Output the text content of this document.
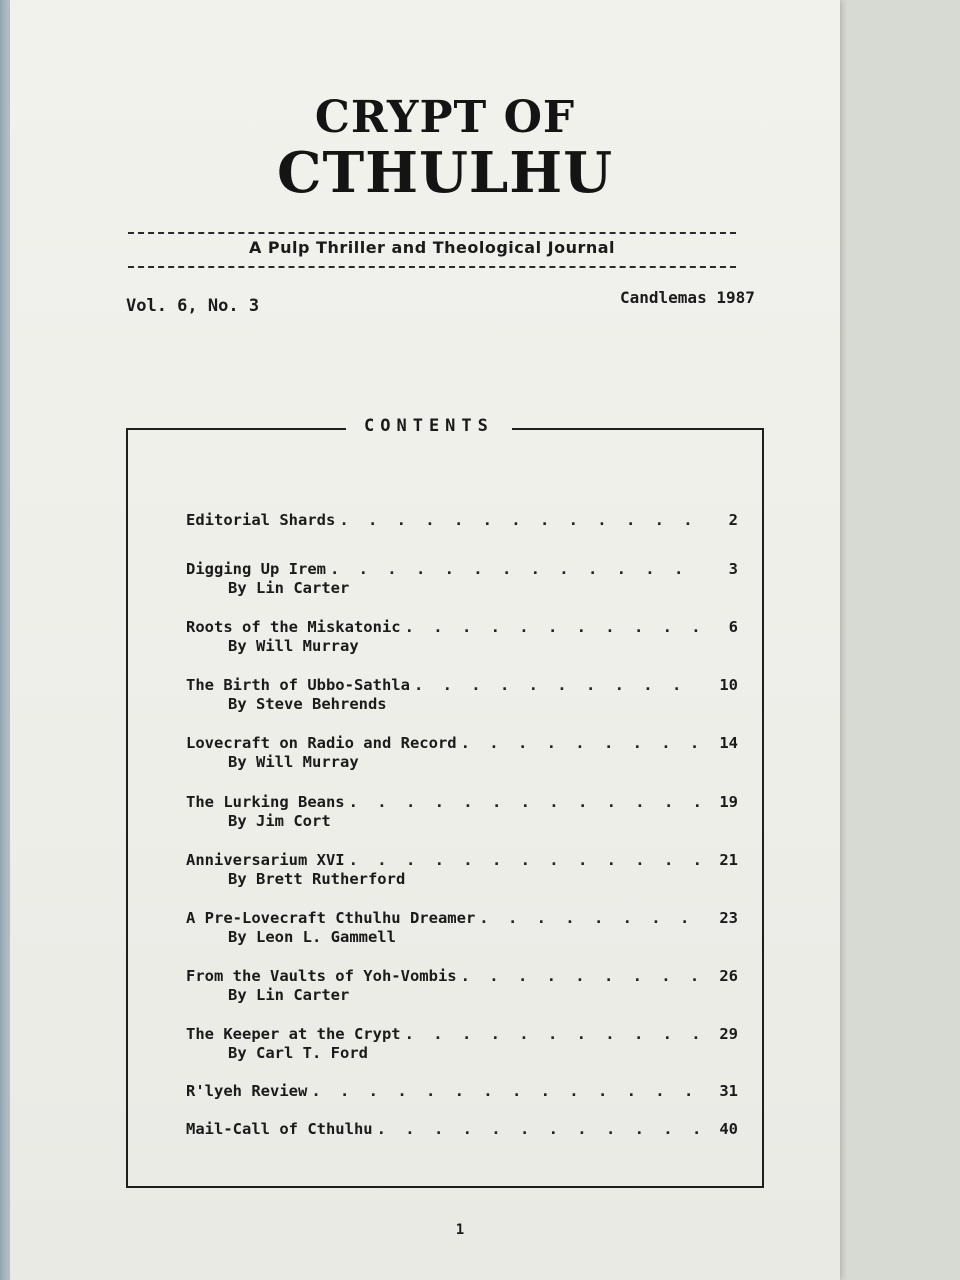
CRYPT OF
CTHULHU
A Pulp Thriller and Theological Journal
Vol. 6, No. 3	Candlemas 1987
CONTENTS
Editorial Shards . . .	2
Digging Up Irem . . .	3
By Lin Carter
Roots of the Miskatonic . . .	6
By Will Murray
The Birth of Ubbo-Sathla . . .	10
By Steve Behrends
Lovecraft on Radio and Record . . .	14
By Will Murray
The Lurking Beans . . .	19
By Jim Cort
Anniversarium XVI . . .	21
By Brett Rutherford
A Pre-Lovecraft Cthulhu Dreamer . . .	23
By Leon L. Gammell
From the Vaults of Yoh-Vombis . . .	26
By Lin Carter
The Keeper at the Crypt . . .	29
By Carl T. Ford
R'lyeh Review . . .	31
Mail-Call of Cthulhu . . .	40
1
